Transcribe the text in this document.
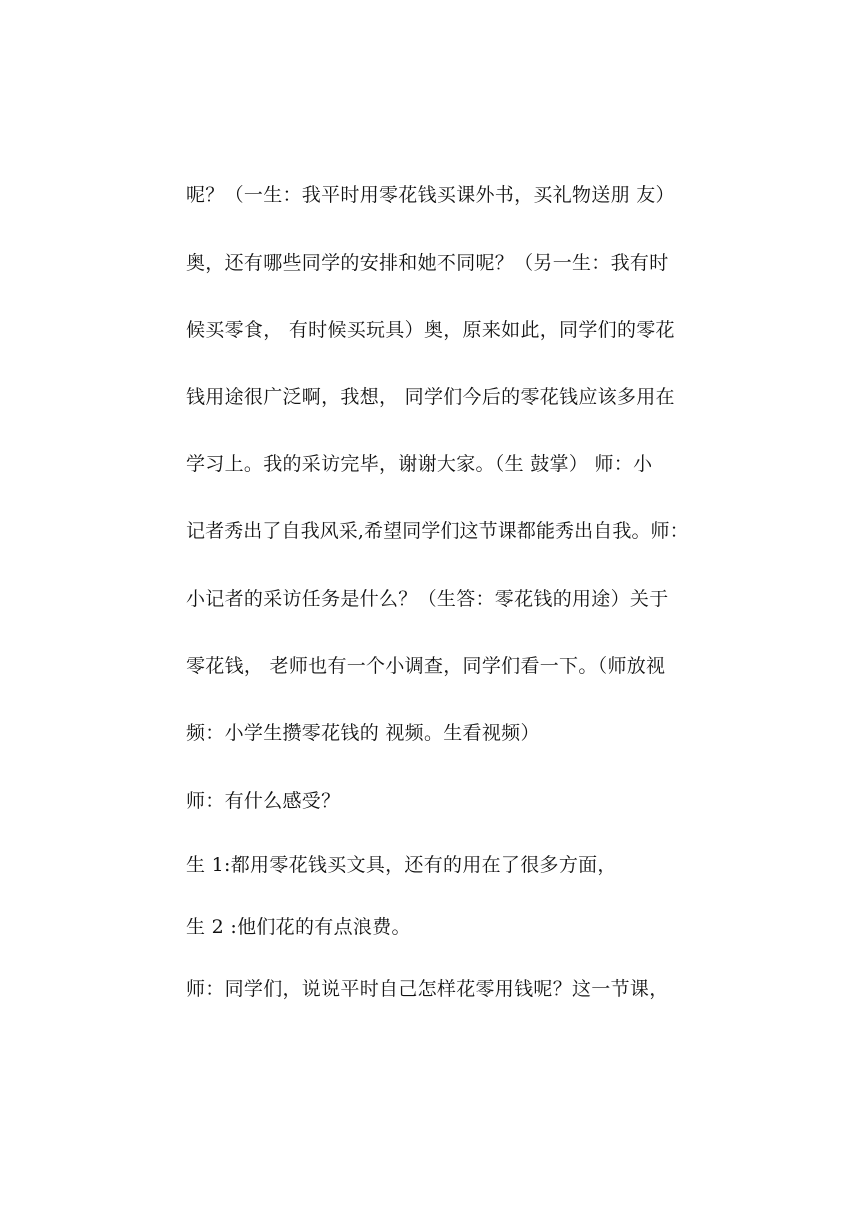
呢？（一生：我平时用零花钱买课外书，买礼物送朋 友）
奥，还有哪些同学的安排和她不同呢？（另一生：我有时
候买零食， 有时候买玩具）奥，原来如此，同学们的零花
钱用途很广泛啊，我想， 同学们今后的零花钱应该多用在
学习上。我的采访完毕，谢谢大家。（生 鼓掌） 师：小
记者秀出了自我风采,希望同学们这节课都能秀出自我。师：
小记者的采访任务是什么？（生答：零花钱的用途）关于
零花钱， 老师也有一个小调查，同学们看一下。（师放视
频：小学生攒零花钱的 视频。生看视频）
师：有什么感受？
生 1:都用零花钱买文具，还有的用在了很多方面，
生 2 :他们花的有点浪费。
师：同学们，说说平时自己怎样花零用钱呢？这一节课，
